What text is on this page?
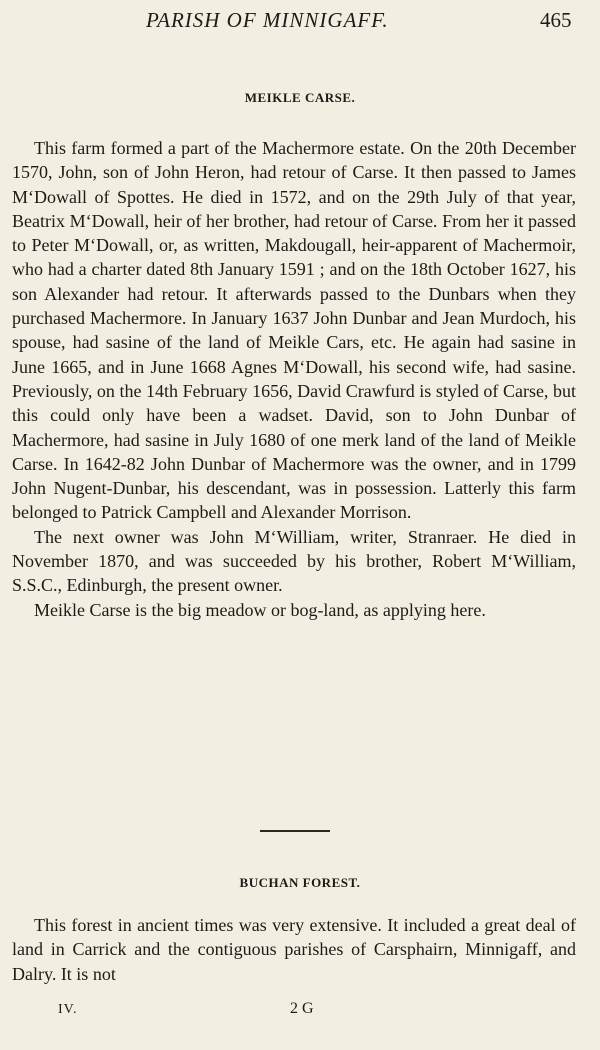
PARISH OF MINNIGAFF.	465
MEIKLE CARSE.

This farm formed a part of the Machermore estate. On the 20th December 1570, John, son of John Heron, had retour of Carse. It then passed to James M‘Dowall of Spottes. He died in 1572, and on the 29th July of that year, Beatrix M‘Dowall, heir of her brother, had retour of Carse. From her it passed to Peter M‘Dowall, or, as written, Makdougall, heir-apparent of Machermoir, who had a charter dated 8th January 1591 ; and on the 18th October 1627, his son Alexander had retour. It afterwards passed to the Dunbars when they purchased Machermore. In January 1637 John Dunbar and Jean Murdoch, his spouse, had sasine of the land of Meikle Cars, etc. He again had sasine in June 1665, and in June 1668 Agnes M‘Dowall, his second wife, had sasine. Previously, on the 14th February 1656, David Crawfurd is styled of Carse, but this could only have been a wadset. David, son to John Dunbar of Machermore, had sasine in July 1680 of one merk land of the land of Meikle Carse. In 1642-82 John Dunbar of Machermore was the owner, and in 1799 John Nugent-Dunbar, his descendant, was in possession. Latterly this farm belonged to Patrick Campbell and Alexander Morrison.

The next owner was John M‘William, writer, Stranraer. He died in November 1870, and was succeeded by his brother, Robert M‘William, S.S.C., Edinburgh, the present owner.

Meikle Carse is the big meadow or bog-land, as applying here.

BUCHAN FOREST.

This forest in ancient times was very extensive. It included a great deal of land in Carrick and the contiguous parishes of Carsphairn, Minnigaff, and Dalry. It is not

IV.	2 G
